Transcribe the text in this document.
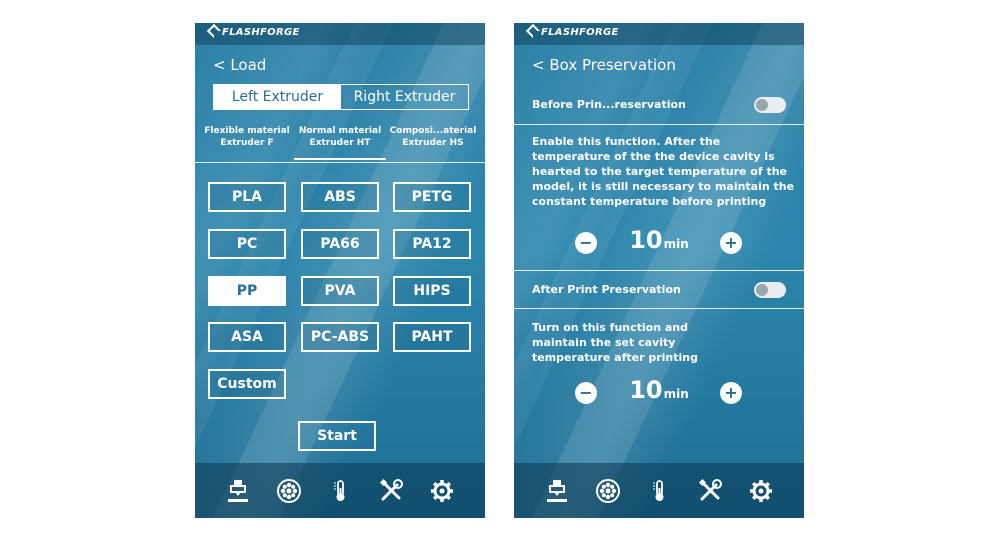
FLASHFORGE
< Load
Left Extruder	Right Extruder
Flexible material
Extruder F
Normal material
Extruder HT
Composi...aterial
Extruder HS
PLA	ABS	PETG
PC	PA66	PA12
PP	PVA	HIPS
ASA	PC-ABS	PAHT
Custom
Start
FLASHFORGE
< Box Preservation
Before Prin...reservation
Enable this function. After the temperature of the the device cavity is hearted to the target temperature of the model, it is still necessary to maintain the constant temperature before printing
− 10min +
After Print Preservation
Turn on this function and maintain the set cavity temperature after printing
− 10min +
